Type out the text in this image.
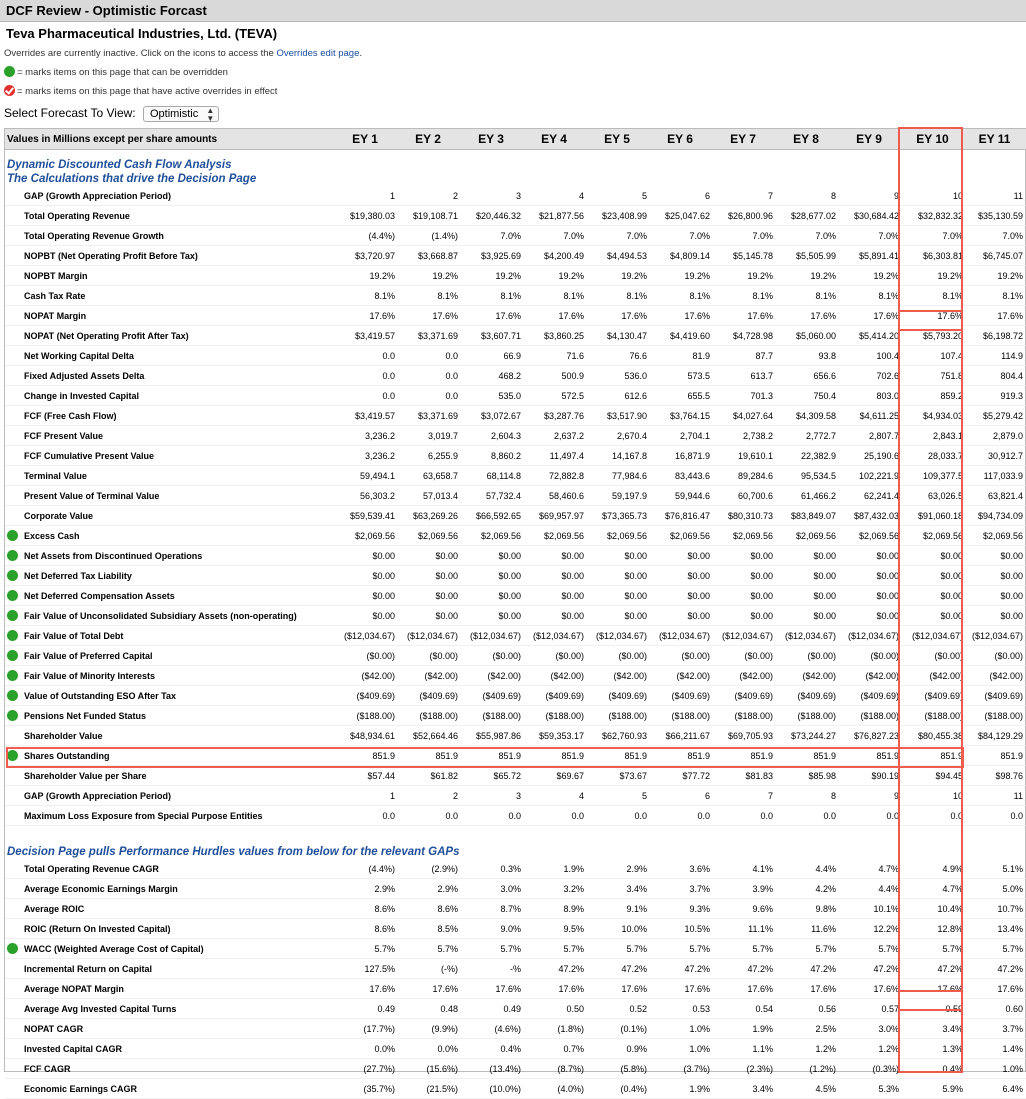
DCF Review - Optimistic Forcast
Teva Pharmaceutical Industries, Ltd. (TEVA)
Overrides are currently inactive. Click on the icons to access the Overrides edit page.
= marks items on this page that can be overridden
= marks items on this page that have active overrides in effect
Select Forecast To View: Optimistic ▲
▼
Values in Millions except per share amounts	EY 1	EY 2	EY 3	EY 4	EY 5	EY 6	EY 7	EY 8	EY 9	EY 10	EY 11

Dynamic Discounted Cash Flow Analysis
The Calculations that drive the Decision Page											

GAP (Growth Appreciation Period)	1	2	3	4	5	6	7	8	9	10	11
Total Operating Revenue	$19,380.03	$19,108.71	$20,446.32	$21,877.56	$23,408.99	$25,047.62	$26,800.96	$28,677.02	$30,684.42	$32,832.32	$35,130.59
Total Operating Revenue Growth	(4.4%)	(1.4%)	7.0%	7.0%	7.0%	7.0%	7.0%	7.0%	7.0%	7.0%	7.0%
NOPBT (Net Operating Profit Before Tax)	$3,720.97	$3,668.87	$3,925.69	$4,200.49	$4,494.53	$4,809.14	$5,145.78	$5,505.99	$5,891.41	$6,303.81	$6,745.07
NOPBT Margin	19.2%	19.2%	19.2%	19.2%	19.2%	19.2%	19.2%	19.2%	19.2%	19.2%	19.2%
Cash Tax Rate	8.1%	8.1%	8.1%	8.1%	8.1%	8.1%	8.1%	8.1%	8.1%	8.1%	8.1%
NOPAT Margin	17.6%	17.6%	17.6%	17.6%	17.6%	17.6%	17.6%	17.6%	17.6%	17.6%	17.6%
NOPAT (Net Operating Profit After Tax)	$3,419.57	$3,371.69	$3,607.71	$3,860.25	$4,130.47	$4,419.60	$4,728.98	$5,060.00	$5,414.20	$5,793.20	$6,198.72
Net Working Capital Delta	0.0	0.0	66.9	71.6	76.6	81.9	87.7	93.8	100.4	107.4	114.9
Fixed Adjusted Assets Delta	0.0	0.0	468.2	500.9	536.0	573.5	613.7	656.6	702.6	751.8	804.4
Change in Invested Capital	0.0	0.0	535.0	572.5	612.6	655.5	701.3	750.4	803.0	859.2	919.3
FCF (Free Cash Flow)	$3,419.57	$3,371.69	$3,072.67	$3,287.76	$3,517.90	$3,764.15	$4,027.64	$4,309.58	$4,611.25	$4,934.03	$5,279.42
FCF Present Value	3,236.2	3,019.7	2,604.3	2,637.2	2,670.4	2,704.1	2,738.2	2,772.7	2,807.7	2,843.1	2,879.0
FCF Cumulative Present Value	3,236.2	6,255.9	8,860.2	11,497.4	14,167.8	16,871.9	19,610.1	22,382.9	25,190.6	28,033.7	30,912.7
Terminal Value	59,494.1	63,658.7	68,114.8	72,882.8	77,984.6	83,443.6	89,284.6	95,534.5	102,221.9	109,377.5	117,033.9
Present Value of Terminal Value	56,303.2	57,013.4	57,732.4	58,460.6	59,197.9	59,944.6	60,700.6	61,466.2	62,241.4	63,026.5	63,821.4
Corporate Value	$59,539.41	$63,269.26	$66,592.65	$69,957.97	$73,365.73	$76,816.47	$80,310.73	$83,849.07	$87,432.03	$91,060.18	$94,734.09

Excess Cash	$2,069.56	$2,069.56	$2,069.56	$2,069.56	$2,069.56	$2,069.56	$2,069.56	$2,069.56	$2,069.56	$2,069.56	$2,069.56

Net Assets from Discontinued Operations	$0.00	$0.00	$0.00	$0.00	$0.00	$0.00	$0.00	$0.00	$0.00	$0.00	$0.00

Net Deferred Tax Liability	$0.00	$0.00	$0.00	$0.00	$0.00	$0.00	$0.00	$0.00	$0.00	$0.00	$0.00

Net Deferred Compensation Assets	$0.00	$0.00	$0.00	$0.00	$0.00	$0.00	$0.00	$0.00	$0.00	$0.00	$0.00

Fair Value of Unconsolidated Subsidiary Assets (non-operating)	$0.00	$0.00	$0.00	$0.00	$0.00	$0.00	$0.00	$0.00	$0.00	$0.00	$0.00

Fair Value of Total Debt	($12,034.67)	($12,034.67)	($12,034.67)	($12,034.67)	($12,034.67)	($12,034.67)	($12,034.67)	($12,034.67)	($12,034.67)	($12,034.67)	($12,034.67)

Fair Value of Preferred Capital	($0.00)	($0.00)	($0.00)	($0.00)	($0.00)	($0.00)	($0.00)	($0.00)	($0.00)	($0.00)	($0.00)

Fair Value of Minority Interests	($42.00)	($42.00)	($42.00)	($42.00)	($42.00)	($42.00)	($42.00)	($42.00)	($42.00)	($42.00)	($42.00)

Value of Outstanding ESO After Tax	($409.69)	($409.69)	($409.69)	($409.69)	($409.69)	($409.69)	($409.69)	($409.69)	($409.69)	($409.69)	($409.69)

Pensions Net Funded Status	($188.00)	($188.00)	($188.00)	($188.00)	($188.00)	($188.00)	($188.00)	($188.00)	($188.00)	($188.00)	($188.00)
Shareholder Value	$48,934.61	$52,664.46	$55,987.86	$59,353.17	$62,760.93	$66,211.67	$69,705.93	$73,244.27	$76,827.23	$80,455.38	$84,129.29

Shares Outstanding	851.9	851.9	851.9	851.9	851.9	851.9	851.9	851.9	851.9	851.9	851.9
Shareholder Value per Share	$57.44	$61.82	$65.72	$69.67	$73.67	$77.72	$81.83	$85.98	$90.19	$94.45	$98.76
GAP (Growth Appreciation Period)	1	2	3	4	5	6	7	8	9	10	11
Maximum Loss Exposure from Special Purpose Entities	0.0	0.0	0.0	0.0	0.0	0.0	0.0	0.0	0.0	0.0	0.0
Decision Page pulls Performance Hurdles values from below for the relevant GAPs											
Total Operating Revenue CAGR	(4.4%)	(2.9%)	0.3%	1.9%	2.9%	3.6%	4.1%	4.4%	4.7%	4.9%	5.1%
Average Economic Earnings Margin	2.9%	2.9%	3.0%	3.2%	3.4%	3.7%	3.9%	4.2%	4.4%	4.7%	5.0%
Average ROIC	8.6%	8.6%	8.7%	8.9%	9.1%	9.3%	9.6%	9.8%	10.1%	10.4%	10.7%
ROIC (Return On Invested Capital)	8.6%	8.5%	9.0%	9.5%	10.0%	10.5%	11.1%	11.6%	12.2%	12.8%	13.4%

WACC (Weighted Average Cost of Capital)	5.7%	5.7%	5.7%	5.7%	5.7%	5.7%	5.7%	5.7%	5.7%	5.7%	5.7%
Incremental Return on Capital	127.5%	(-%)	-%	47.2%	47.2%	47.2%	47.2%	47.2%	47.2%	47.2%	47.2%
Average NOPAT Margin	17.6%	17.6%	17.6%	17.6%	17.6%	17.6%	17.6%	17.6%	17.6%	17.6%	17.6%
Average Avg Invested Capital Turns	0.49	0.48	0.49	0.50	0.52	0.53	0.54	0.56	0.57	0.59	0.60
NOPAT CAGR	(17.7%)	(9.9%)	(4.6%)	(1.8%)	(0.1%)	1.0%	1.9%	2.5%	3.0%	3.4%	3.7%
Invested Capital CAGR	0.0%	0.0%	0.4%	0.7%	0.9%	1.0%	1.1%	1.2%	1.2%	1.3%	1.4%
FCF CAGR	(27.7%)	(15.6%)	(13.4%)	(8.7%)	(5.8%)	(3.7%)	(2.3%)	(1.2%)	(0.3%)	0.4%	1.0%
Economic Earnings CAGR	(35.7%)	(21.5%)	(10.0%)	(4.0%)	(0.4%)	1.9%	3.4%	4.5%	5.3%	5.9%	6.4%
